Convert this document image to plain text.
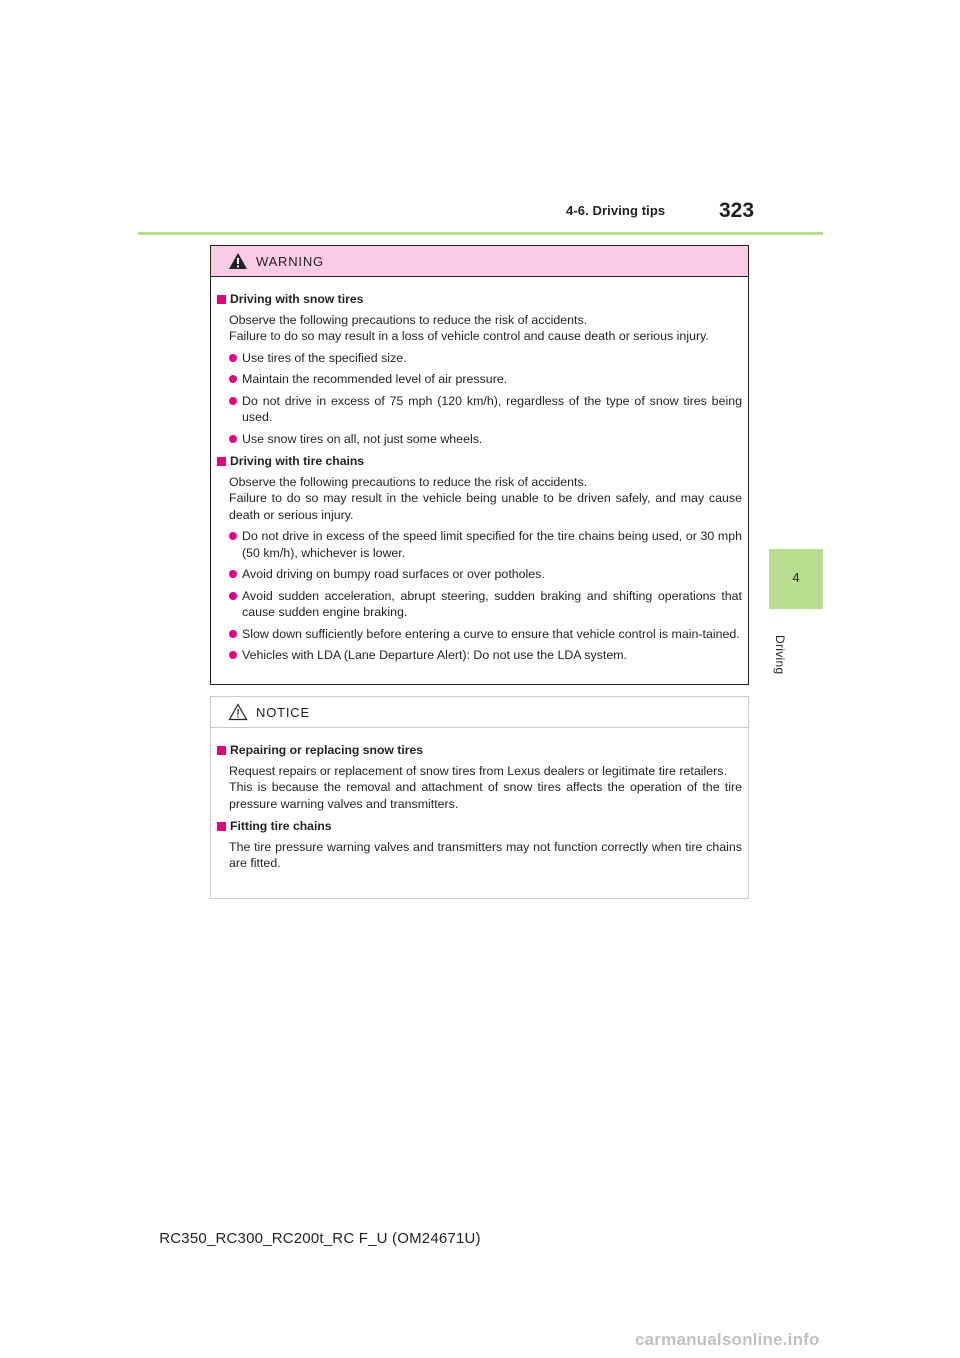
4-6. Driving tips	323
4
Driving
WARNING
Driving with snow tires
Observe the following precautions to reduce the risk of accidents.
Failure to do so may result in a loss of vehicle control and cause death or serious injury.
Use tires of the specified size.
Maintain the recommended level of air pressure.
Do not drive in excess of 75 mph (120 km/h), regardless of the type of snow tires being used.
Use snow tires on all, not just some wheels.
Driving with tire chains
Observe the following precautions to reduce the risk of accidents.
Failure to do so may result in the vehicle being unable to be driven safely, and may cause death or serious injury.
Do not drive in excess of the speed limit specified for the tire chains being used, or 30 mph (50 km/h), whichever is lower.
Avoid driving on bumpy road surfaces or over potholes.
Avoid sudden acceleration, abrupt steering, sudden braking and shifting operations that cause sudden engine braking.
Slow down sufficiently before entering a curve to ensure that vehicle control is main-tained.
Vehicles with LDA (Lane Departure Alert): Do not use the LDA system.
NOTICE
Repairing or replacing snow tires
Request repairs or replacement of snow tires from Lexus dealers or legitimate tire retailers.
This is because the removal and attachment of snow tires affects the operation of the tire pressure warning valves and transmitters.
Fitting tire chains
The tire pressure warning valves and transmitters may not function correctly when tire chains are fitted.
RC350_RC300_RC200t_RC F_U (OM24671U)
carmanualsonline.info
